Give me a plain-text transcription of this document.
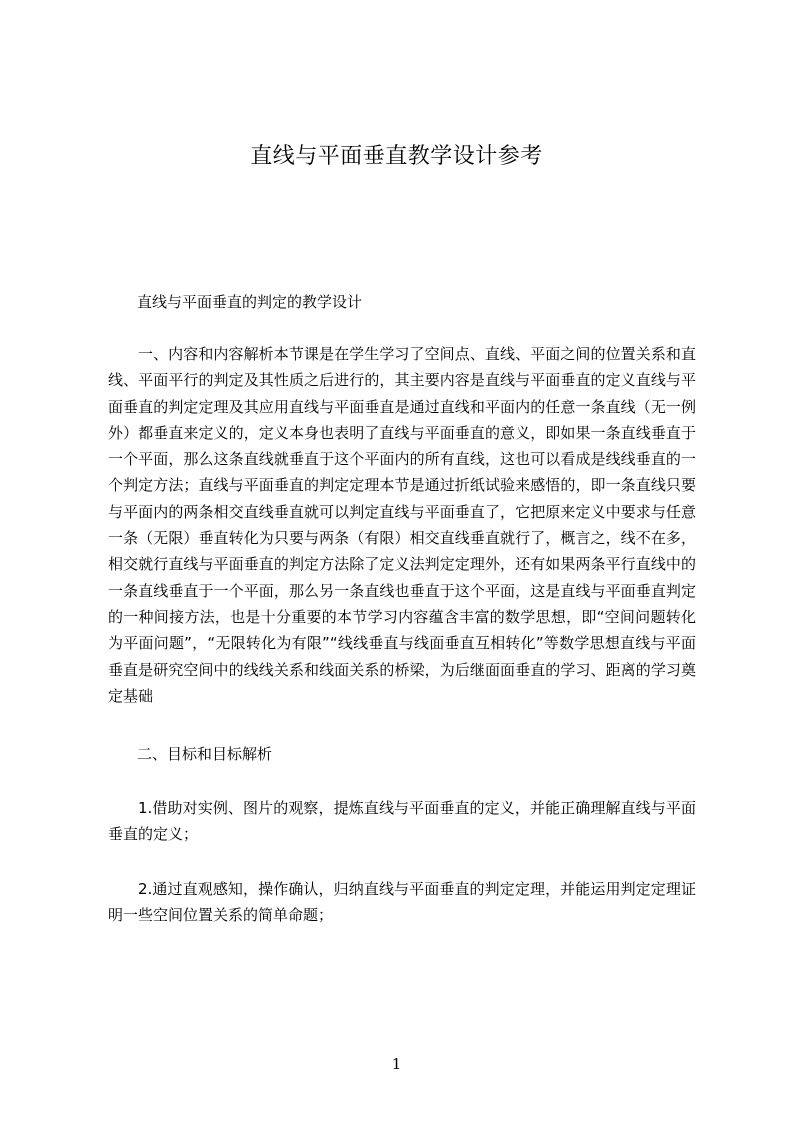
直线与平面垂直教学设计参考
直线与平面垂直的判定的教学设计
一、内容和内容解析本节课是在学生学习了空间点、直线、平面之间的位置关系和直线、平面平行的判定及其性质之后进行的，其主要内容是直线与平面垂直的定义直线与平面垂直的判定定理及其应用直线与平面垂直是通过直线和平面内的任意一条直线（无一例外）都垂直来定义的，定义本身也表明了直线与平面垂直的意义，即如果一条直线垂直于一个平面，那么这条直线就垂直于这个平面内的所有直线，这也可以看成是线线垂直的一个判定方法；直线与平面垂直的判定定理本节是通过折纸试验来感悟的，即一条直线只要与平面内的两条相交直线垂直就可以判定直线与平面垂直了，它把原来定义中要求与任意一条（无限）垂直转化为只要与两条（有限）相交直线垂直就行了，概言之，线不在多，相交就行直线与平面垂直的判定方法除了定义法判定定理外，还有如果两条平行直线中的一条直线垂直于一个平面，那么另一条直线也垂直于这个平面，这是直线与平面垂直判定的一种间接方法，也是十分重要的本节学习内容蕴含丰富的数学思想，即“空间问题转化为平面问题”，“无限转化为有限”“线线垂直与线面垂直互相转化”等数学思想直线与平面垂直是研究空间中的线线关系和线面关系的桥梁，为后继面面垂直的学习、距离的学习奠定基础
二、目标和目标解析
1.借助对实例、图片的观察，提炼直线与平面垂直的定义，并能正确理解直线与平面垂直的定义；
2.通过直观感知，操作确认，归纳直线与平面垂直的判定定理，并能运用判定定理证明一些空间位置关系的简单命题；
1
